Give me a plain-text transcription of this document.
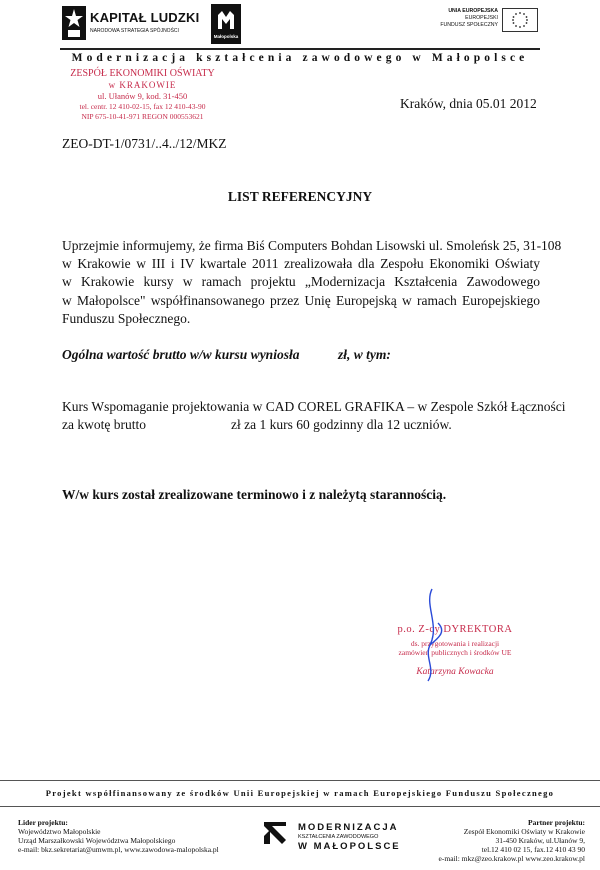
KAPITAŁ LUDZKI
NARODOWA STRATEGIA SPÓJNOŚCI
Małopolska
UNIA EUROPEJSKA
EUROPEJSKI
FUNDUSZ SPOŁECZNY
Modernizacja kształcenia zawodowego w Małopolsce
ZESPÓŁ EKONOMIKI OŚWIATY
w KRAKOWIE
ul. Ułanów 9, kod. 31-450
tel. centr. 12 410-02-15, fax 12 410-43-90
NIP 675-10-41-971 REGON 000553621
Kraków, dnia 05.01 2012
ZEO-DT-1/0731/..4../12/MKZ
LIST REFERENCYJNY
Uprzejmie informujemy, że firma Biś Computers Bohdan Lisowski ul. Smoleńsk 25, 31-108
w Krakowie w III i IV kwartale 2011 zrealizowała dla Zespołu Ekonomiki Oświaty
w Krakowie kursy w ramach projektu „Modernizacja Kształcenia Zawodowego
w Małopolsce" współfinansowanego przez Unię Europejską w ramach Europejskiego
Funduszu Społecznego.
Ogólna wartość brutto w/w kursu wyniosła	zł, w tym:
Kurs Wspomaganie projektowania w CAD COREL GRAFIKA – w Zespole Szkół Łączności
za kwotę brutto	zł za 1 kurs 60 godzinny dla 12 uczniów.
W/w kurs został zrealizowane terminowo i z należytą starannością.
p.o. Z-cy DYREKTORA
ds. przygotowania i realizacji
zamówień publicznych i środków UE
Katarzyna Kowacka
Projekt współfinansowany ze środków Unii Europejskiej w ramach Europejskiego Funduszu Społecznego
Lider projektu:
Województwo Małopolskie
Urząd Marszałkowski Województwa Małopolskiego
e-mail: bkz.sekretariat@umwm.pl, www.zawodowa-malopolska.pl
MODERNIZACJA
KSZTAŁCENIA ZAWODOWEGO
W MAŁOPOLSCE
Partner projektu:
Zespół Ekonomiki Oświaty w Krakowie
31-450 Kraków, ul.Ułanów 9,
tel.12 410 02 15, fax.12 410 43 90
e-mail: mkz@zeo.krakow.pl www.zeo.krakow.pl
